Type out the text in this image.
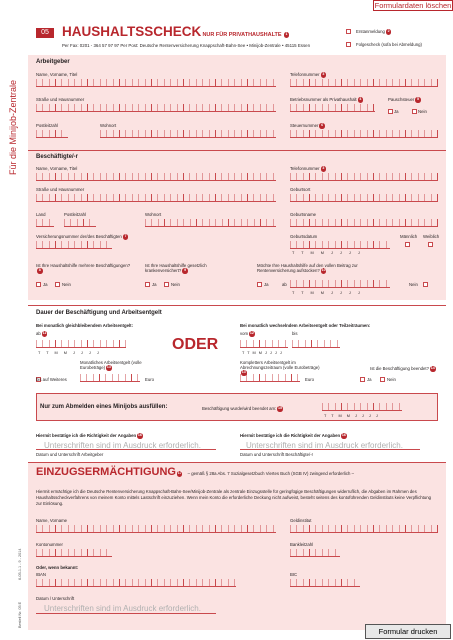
Formulardaten löschen
05 HAUSHALTSSCHECK NUR FÜR PRIVATHAUSHALTE 1
Per Fax: 0201 - 364 57 97 97 Per Post: Deutsche Rentenversicherung Knappschaft-Bahn-See • Minijob-Zentrale • 45115 Essen
Erstanmeldung 2
Folgescheck (sofa bei Abmeldung)
Für die Minijob-Zentrale
Arbeitgeber
Name, Vorname, Titel	Telefonnummer 3
Straße und Hausnummer	Betriebsnummer als Privathaushalt 4	Pauschsteuer 5
Ja	Nein
Postleitzahl	Wohnort	Steuernummer 6
Beschäftigte/-r
Name, Vorname, Titel	Telefonnummer 3
Straße und Hausnummer	Geburtsort
Land	Postleitzahl	Wohnort	Geburtsname
Versicherungsnummer der/des Beschäftigten 7	Geburtsdatum
T T M M J J J J
Männlich Weiblich
Ist Ihre Haushaltshilfe mehrere Beschäftigungen?8
Ja	Nein
Ist Ihre Haushaltshilfe gesetzlich krankenversichert? 9
Ja	Nein
Möchte Ihre Haushaltshilfe auf den vollen Beitrag zur Rentenversicherung aufstocken? 10
Ja	ab
T T M M J J J J
Nein
Dauer der Beschäftigung und Arbeitsentgelt
Bei monatlich gleichbleibendem Arbeitsentgelt:	Bei monatlich wechselndem Arbeitsentgelt oder Teilzeiträumen:
ab 11
T T M M J J J J	ODER
vom 12	bis
T T M M J J J J
Monatliches Arbeitsentgelt (volle Eurobeträge) 13
bis auf Weiteres	Euro
Kompletters Arbeitsentgelt im Abrechnungszeitraum (volle Eurobeträge)13
Euro
Ist die Beschäftigung beendet? 14
Ja	Nein
Nur zum Abmelden eines Minijobs ausfüllen:	Beschäftigung wurde/wird beendet am: 15
T T M M J J J J
Hiermit bestätige ich die Richtigkeit der Angaben 16
Unterschriften sind im Ausdruck erforderlich.
Datum und Unterschrift Arbeitgeber
Hiermit bestätige ich die Richtigkeit der Angaben 16
Unterschriften sind im Ausdruck erforderlich.
Datum und Unterschrift Beschäftigte/-r
EINZUGSERMÄCHTIGUNG 17 – gemäß § 28a Abs. 7 Sozialgesetzbuch Viertes Buch (SGB IV) zwingend erforderlich –
Hiermit ermächtige ich die Deutsche Rentenversicherung Knappschaft-Bahn-See/Minijob-Zentrale als zentrale Einzugsstelle für geringfügige Beschäftigungen widerruflich, die Abgaben im Rahmen des Haushaltsscheckverfahrens von meinem Konto mittels Lastschrift einzuziehen. Wenn mein Konto die erforderliche Deckung nicht aufweist, besteht seitens des kontoführenden Geldinstituts keine Verpflichtung zur Einlösung.
Name, Vorname	Geldinstitut
Kontonummer	Bankleitzahl
Oder, wenn bekannt:
IBAN	BIC
Datum / Unterschrift
Unterschriften sind im Ausdruck erforderlich.
6-05-1.1 - 9 - 2014
Bestell Nr. 05 E
Formular drucken
